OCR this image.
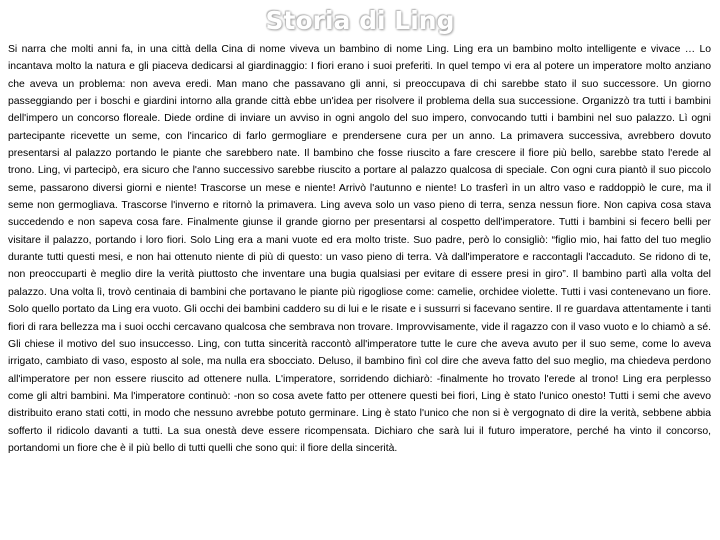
Storia di Ling

Si narra che molti anni fa, in una città della Cina di nome viveva un bambino di nome Ling. Ling era un bambino molto intelligente e vivace … Lo incantava molto la natura e gli piaceva dedicarsi al giardinaggio: I fiori erano i suoi preferiti. In quel tempo vi era al potere un imperatore molto anziano che aveva un problema: non aveva eredi. Man mano che passavano gli anni, si preoccupava di chi sarebbe stato il suo successore. Un giorno passeggiando per i boschi e giardini intorno alla grande città ebbe un'idea per risolvere il problema della sua successione. Organizzò tra tutti i bambini dell'impero un concorso floreale. Diede ordine di inviare un avviso in ogni angolo del suo impero, convocando tutti i bambini nel suo palazzo. Lì ogni partecipante ricevette un seme, con l'incarico di farlo germogliare e prendersene cura per un anno. La primavera successiva, avrebbero dovuto presentarsi al palazzo portando le piante che sarebbero nate. Il bambino che fosse riuscito a fare crescere il fiore più bello, sarebbe stato l'erede al trono. Ling, vi partecipò, era sicuro che l'anno successivo sarebbe riuscito a portare al palazzo qualcosa di speciale. Con ogni cura piantò il suo piccolo seme, passarono diversi giorni e niente! Trascorse un mese e niente! Arrivò l'autunno e niente! Lo trasferì in un altro vaso e raddoppiò le cure, ma il seme non germogliava. Trascorse l'inverno e ritornò la primavera. Ling aveva solo un vaso pieno di terra, senza nessun fiore. Non capiva cosa stava succedendo e non sapeva cosa fare. Finalmente giunse il grande giorno per presentarsi al cospetto dell'imperatore. Tutti i bambini si fecero belli per visitare il palazzo, portando i loro fiori. Solo Ling era a mani vuote ed era molto triste. Suo padre, però lo consigliò: “figlio mio, hai fatto del tuo meglio durante tutti questi mesi, e non hai ottenuto niente di più di questo: un vaso pieno di terra. Và dall'imperatore e raccontagli l'accaduto. Se ridono di te, non preoccuparti è meglio dire la verità piuttosto che inventare una bugia qualsiasi per evitare di essere presi in giro”. Il bambino partì alla volta del palazzo. Una volta lì, trovò centinaia di bambini che portavano le piante più rigogliose come: camelie, orchidee violette. Tutti i vasi contenevano un fiore. Solo quello portato da Ling era vuoto. Gli occhi dei bambini caddero su di lui e le risate e i sussurri si facevano sentire. Il re guardava attentamente i tanti fiori di rara bellezza ma i suoi occhi cercavano qualcosa che sembrava non trovare. Improvvisamente, vide il ragazzo con il vaso vuoto e lo chiamò a sé. Gli chiese il motivo del suo insuccesso. Ling, con tutta sincerità raccontò all'imperatore tutte le cure che aveva avuto per il suo seme, come lo aveva irrigato, cambiato di vaso, esposto al sole, ma nulla era sbocciato. Deluso, il bambino finì col dire che aveva fatto del suo meglio, ma chiedeva perdono all'imperatore per non essere riuscito ad ottenere nulla. L'imperatore, sorridendo dichiarò: -finalmente ho trovato l'erede al trono! Ling era perplesso come gli altri bambini. Ma l'imperatore continuò: -non so cosa avete fatto per ottenere questi bei fiori, Ling è stato l'unico onesto! Tutti i semi che avevo distribuito erano stati cotti, in modo che nessuno avrebbe potuto germinare. Ling è stato l'unico che non si è vergognato di dire la verità, sebbene abbia sofferto il ridicolo davanti a tutti. La sua onestà deve essere ricompensata. Dichiaro che sarà lui il futuro imperatore, perché ha vinto il concorso, portandomi un fiore che è il più bello di tutti quelli che sono qui: il fiore della sincerità.
